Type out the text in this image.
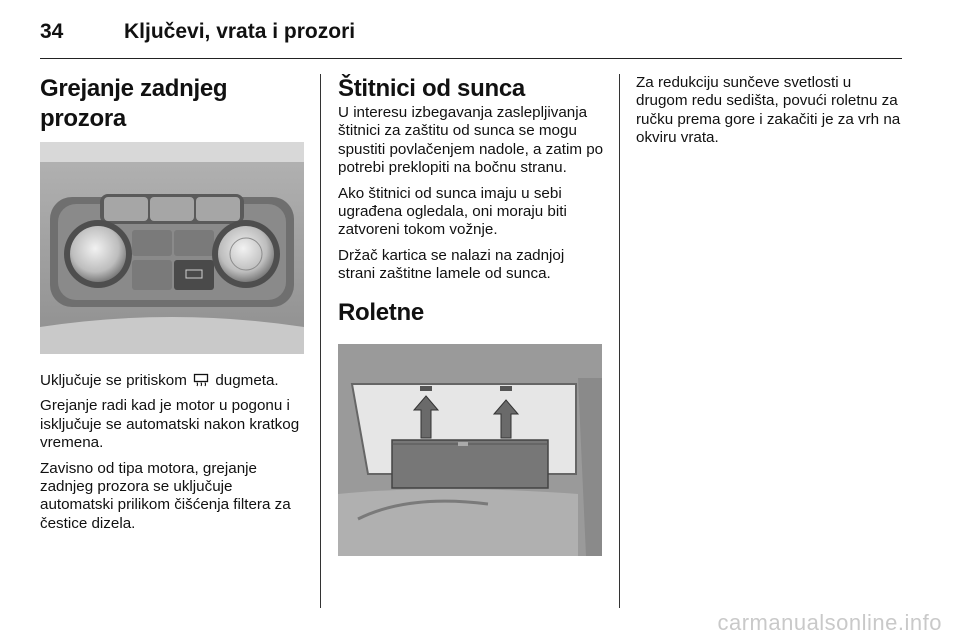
34	Ključevi, vrata i prozori
Grejanje zadnjeg prozora

Uključuje se pritiskom dugmeta.

Grejanje radi kad je motor u pogonu i isključuje se automatski nakon kratkog vremena.

Zavisno od tipa motora, grejanje zadnjeg prozora se uključuje automatski prilikom čišćenja filtera za čestice dizela.

Štitnici od sunca

U interesu izbegavanja zaslepljivanja štitnici za zaštitu od sunca se mogu spustiti povlačenjem nadole, a zatim po potrebi preklopiti na bočnu stranu.

Ako štitnici od sunca imaju u sebi ugrađena ogledala, oni moraju biti zatvoreni tokom vožnje.

Držač kartica se nalazi na zadnjoj strani zaštitne lamele od sunca.

Roletne

Za redukciju sunčeve svetlosti u drugom redu sedišta, povući roletnu za ručku prema gore i zakačiti je za vrh na okviru vrata.

carmanualsonline.info
